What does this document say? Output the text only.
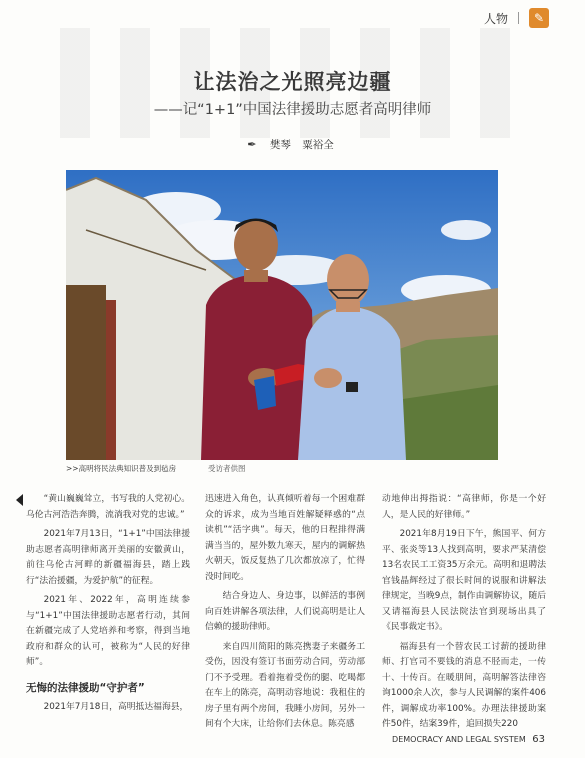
人物	✎
让法治之光照亮边疆
——记“1+1”中国法律援助志愿者高明律师
✒ 樊琴 粟裕全
>>高明将民法典知识普及到毡房	受访者供图

“黄山巍巍耸立，书写我的人党初心。乌伦古河浩浩奔腾，流淌我对党的忠诚。”

2021年7月13日，“1+1”中国法律援助志愿者高明律师离开美丽的安徽黄山，前往乌伦古河畔的新疆福海县，踏上践行“法治援疆，为爱护航”的征程。

2021年、2022年，高明连续参与“1+1”中国法律援助志愿者行动，其间在新疆完成了人党培养和考察，得到当地政府和群众的认可，被称为“人民的好律师”。

无悔的法律援助“守护者”

2021年7月18日，高明抵达福海县，

迅速进入角色，认真倾听着每一个困难群众的诉求，成为当地百姓解疑释惑的“点读机”“活字典”。每天，他的日程排得满满当当的，屋外数九寒天，屋内的调解热火朝天，饭反复热了几次都放凉了，忙得没时间吃。

结合身边人、身边事，以鲜活的事例向百姓讲解各项法律，人们说高明是让人信赖的援助律师。

来自四川简阳的陈亮携妻子来疆务工受伤，因没有签订书面劳动合同，劳动部门不予受理。看着拖着受伤的腿、吃喝都在车上的陈亮，高明动容地说：我租住的房子里有两个房间，我睡小房间，另外一间有个大床，让给你们去休息。陈亮感

动地伸出拇指说：“高律师，你是一个好人，是人民的好律师。”

2021年8月19日下午，熊国平、何方平、张炎等13人找到高明，要求严某清偿13名农民工工资35万余元。高明和退聘法官钱晶辉经过了很长时间的说服和讲解法律规定，当晚9点，制作由调解协议，随后又请福海县人民法院法官到现场出具了《民事裁定书》。

福海县有一个替农民工讨薪的援助律师、打官司不要钱的消息不胫而走，一传十、十传百。在暖朋间，高明解答法律咨询1000余人次，参与人民调解的案件406件，调解成功率100%。办理法律援助案件50件，结案39件，追回损失220

DEMOCRACY AND LEGAL SYSTEM 63
